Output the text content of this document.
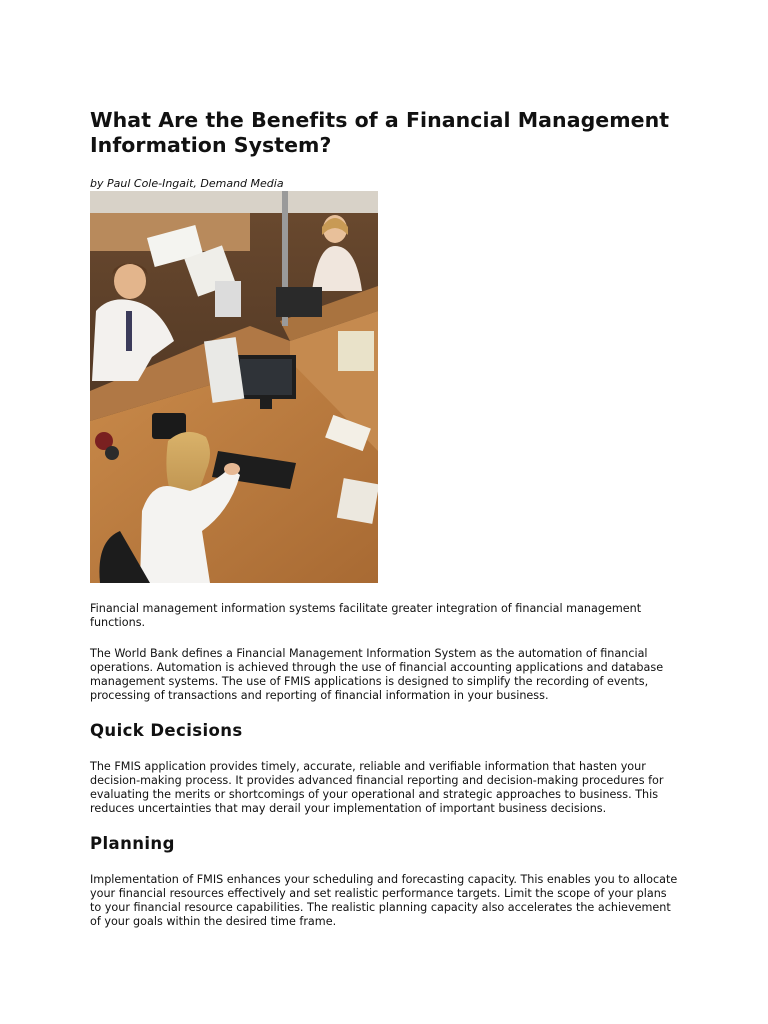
What Are the Benefits of a Financial Management Information System?
by Paul Cole-Ingait, Demand Media

Financial management information systems facilitate greater integration of financial management functions.

The World Bank defines a Financial Management Information System as the automation of financial operations. Automation is achieved through the use of financial accounting applications and database management systems. The use of FMIS applications is designed to simplify the recording of events, processing of transactions and reporting of financial information in your business.

Quick Decisions

The FMIS application provides timely, accurate, reliable and verifiable information that hasten your decision-making process. It provides advanced financial reporting and decision-making procedures for evaluating the merits or shortcomings of your operational and strategic approaches to business. This reduces uncertainties that may derail your implementation of important business decisions.

Planning

Implementation of FMIS enhances your scheduling and forecasting capacity. This enables you to allocate your financial resources effectively and set realistic performance targets. Limit the scope of your plans to your financial resource capabilities. The realistic planning capacity also accelerates the achievement of your goals within the desired time frame.
